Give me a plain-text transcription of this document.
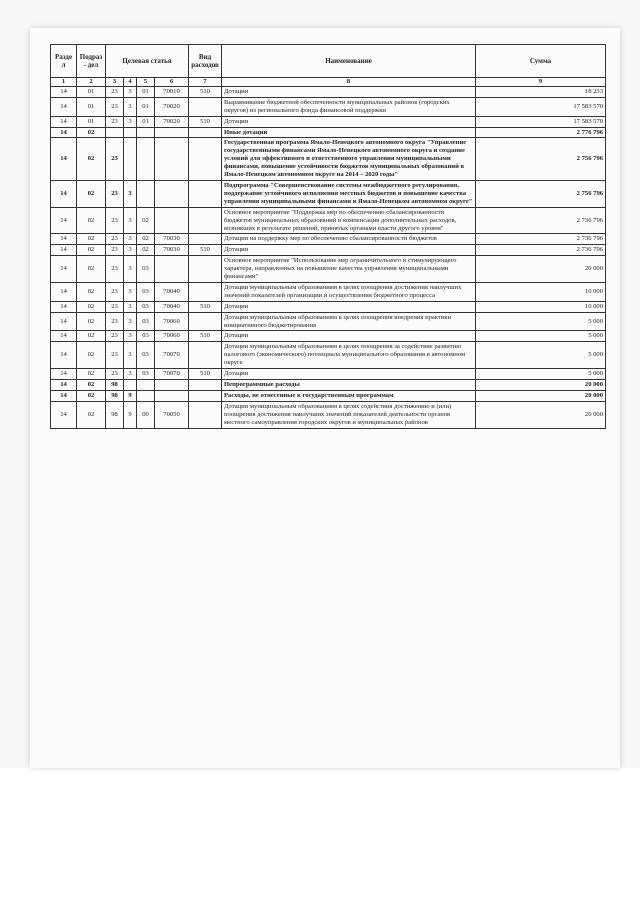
Разде л	Подраз- дел	Целевая статья				Вид расходов	Наименование	Сумма
1	2	3	4	5	6	7	8	9
14	01	23	3	01	70010	510	Дотации	18 233
14	01	23	3	01	70020		Выравнивание бюджетной обеспеченности муниципальных районов (городских округов) из регионального фонда финансовой поддержки	17 583 570
14	01	23	3	01	70020	510	Дотации	17 583 570
14	02						Иные дотации	2 776 796
14	02	23					Государственная программа Ямало-Ненецкого автономного округа "Управление государственными финансами Ямало-Ненецкого автономного округа и создание условий для эффективного и ответственного управления муниципальными финансами, повышение устойчивости бюджетов муниципальных образований в Ямало-Ненецком автономном округе на 2014 – 2020 годы"	2 756 796
14	02	23	3				Подпрограмма "Совершенствование системы межбюджетного регулирования, поддержание устойчивого исполнения местных бюджетов и повышение качества управления муниципальными финансами в Ямало-Ненецком автономном округе"	2 756 796
14	02	23	3	02			Основное мероприятие "Поддержка мер по обеспечению сбалансированности бюджетов муниципальных образований и компенсация дополнительных расходов, возникших в результате решений, принятых органами власти другого уровня"	2 736 796
14	02	23	3	02	70030		Дотации на поддержку мер по обеспечению сбалансированности бюджетов	2 736 796
14	02	23	3	02	70030	510	Дотации	2 736 796
14	02	23	3	03			Основное мероприятие "Использование мер ограничительного и стимулирующего характера, направленных на повышение качества управления муниципальными финансами"	20 000
14	02	23	3	03	70040		Дотации муниципальным образованиям в целях поощрения достижения наилучших значений показателей организации и осуществления бюджетного процесса	10 000
14	02	23	3	03	70040	510	Дотации	10 000
14	02	23	3	03	70060		Дотации муниципальным образованиям в целях поощрения внедрения практики инициативного бюджетирования	5 000
14	02	23	3	03	70060	510	Дотации	5 000
14	02	23	3	03	70070		Дотации муниципальным образованиям в целях поощрения за содействие развитию налогового (экономического) потенциала муниципального образования в автономном округе	5 000
14	02	23	3	03	70070	510	Дотации	5 000
14	02	98					Непрограммные расходы	20 000
14	02	98	9				Расходы, не отнесенные к государственным программам	20 000
14	02	98	9	00	70050		Дотации муниципальным образованиям в целях содействия достижению и (или) поощрения достижения наилучших значений показателей деятельности органов местного самоуправления городских округов и муниципальных районов	20 000
